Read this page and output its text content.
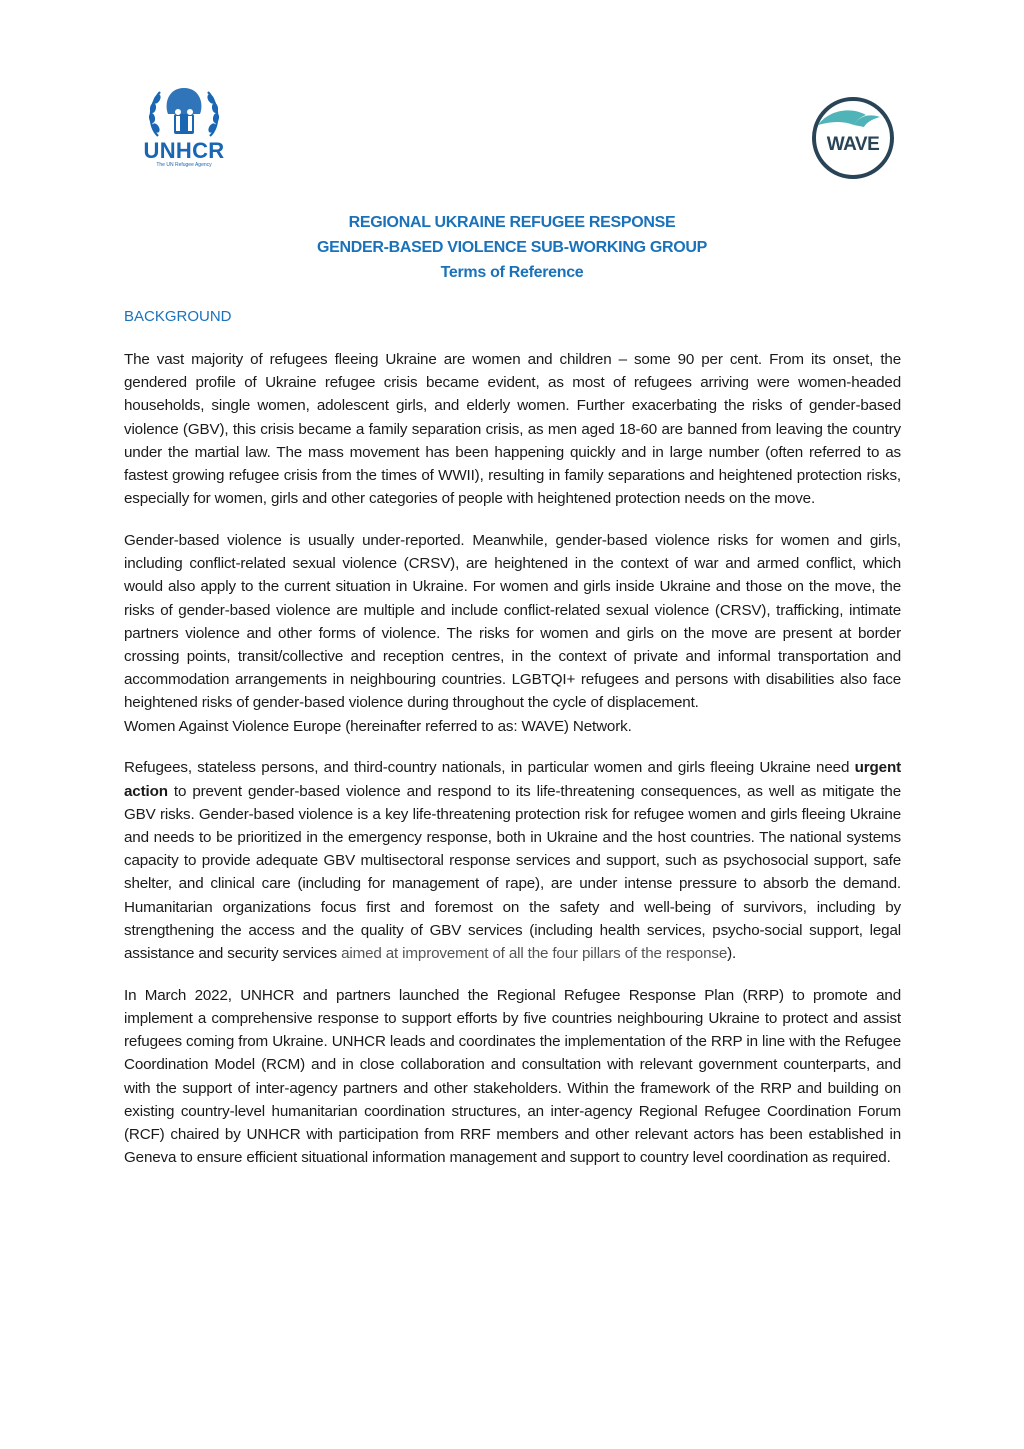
UNHCR
The UN Refugee Agency
WAVE
REGIONAL UKRAINE REFUGEE RESPONSE
GENDER-BASED VIOLENCE SUB-WORKING GROUP
Terms of Reference
BACKGROUND

The vast majority of refugees fleeing Ukraine are women and children – some 90 per cent. From its onset, the gendered profile of Ukraine refugee crisis became evident, as most of refugees arriving were women-headed households, single women, adolescent girls, and elderly women. Further exacerbating the risks of gender-based violence (GBV), this crisis became a family separation crisis, as men aged 18-60 are banned from leaving the country under the martial law. The mass movement has been happening quickly and in large number (often referred to as fastest growing refugee crisis from the times of WWII), resulting in family separations and heightened protection risks, especially for women, girls and other categories of people with heightened protection needs on the move.

Gender-based violence is usually under-reported. Meanwhile, gender-based violence risks for women and girls, including conflict-related sexual violence (CRSV), are heightened in the context of war and armed conflict, which would also apply to the current situation in Ukraine. For women and girls inside Ukraine and those on the move, the risks of gender-based violence are multiple and include conflict-related sexual violence (CRSV), trafficking, intimate partners violence and other forms of violence. The risks for women and girls on the move are present at border crossing points, transit/collective and reception centres, in the context of private and informal transportation and accommodation arrangements in neighbouring countries. LGBTQI+ refugees and persons with disabilities also face heightened risks of gender-based violence during throughout the cycle of displacement.
Women Against Violence Europe (hereinafter referred to as: WAVE) Network.

Refugees, stateless persons, and third-country nationals, in particular women and girls fleeing Ukraine need urgent action to prevent gender-based violence and respond to its life-threatening consequences, as well as mitigate the GBV risks. Gender-based violence is a key life-threatening protection risk for refugee women and girls fleeing Ukraine and needs to be prioritized in the emergency response, both in Ukraine and the host countries. The national systems capacity to provide adequate GBV multisectoral response services and support, such as psychosocial support, safe shelter, and clinical care (including for management of rape), are under intense pressure to absorb the demand. Humanitarian organizations focus first and foremost on the safety and well-being of survivors, including by strengthening the access and the quality of GBV services (including health services, psycho-social support, legal assistance and security services aimed at improvement of all the four pillars of the response).

In March 2022, UNHCR and partners launched the Regional Refugee Response Plan (RRP) to promote and implement a comprehensive response to support efforts by five countries neighbouring Ukraine to protect and assist refugees coming from Ukraine. UNHCR leads and coordinates the implementation of the RRP in line with the Refugee Coordination Model (RCM) and in close collaboration and consultation with relevant government counterparts, and with the support of inter-agency partners and other stakeholders. Within the framework of the RRP and building on existing country-level humanitarian coordination structures, an inter-agency Regional Refugee Coordination Forum (RCF) chaired by UNHCR with participation from RRF members and other relevant actors has been established in Geneva to ensure efficient situational information management and support to country level coordination as required.
